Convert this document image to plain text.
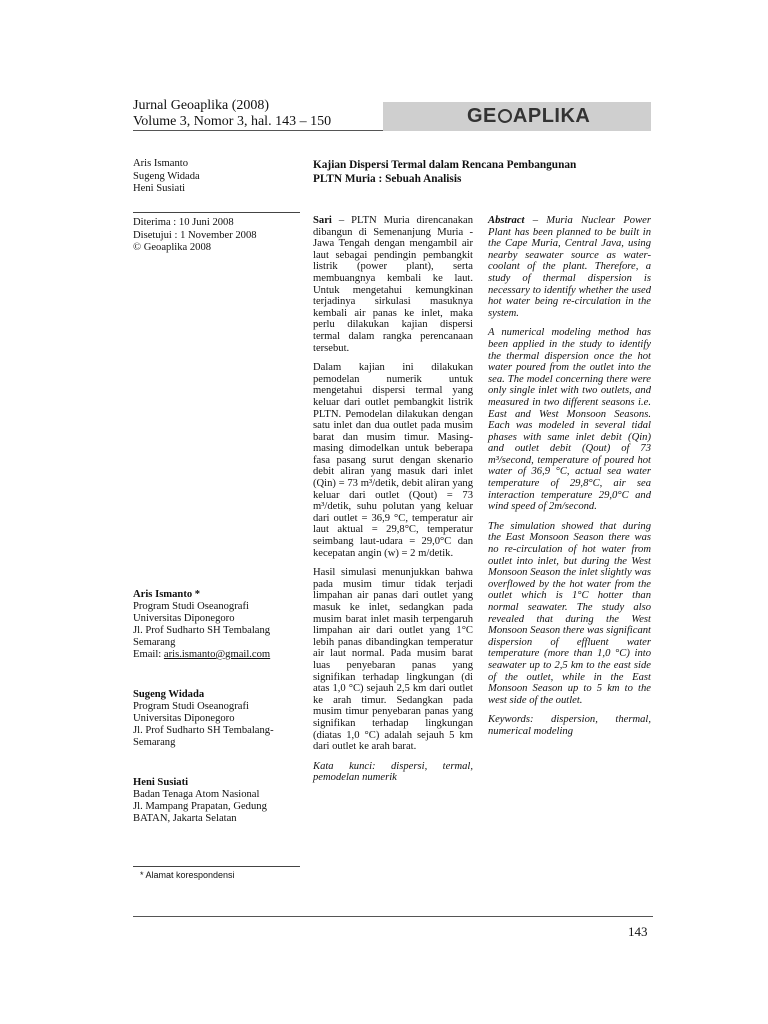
Jurnal Geoaplika (2008)
Volume 3, Nomor 3, hal. 143 – 150	GE APLIKA
Aris Ismanto
Sugeng Widada
Heni Susiati
Kajian Dispersi Termal dalam Rencana Pembangunan
PLTN Muria : Sebuah Analisis
Diterima : 10 Juni 2008
Disetujui : 1 November 2008
© Geoaplika 2008

Sari – PLTN Muria direncanakan dibangun di Semenanjung Muria - Jawa Tengah dengan mengambil air laut sebagai pendingin pembangkit listrik (power plant), serta membuangnya kembali ke laut. Untuk mengetahui kemungkinan terjadinya sirkulasi masuknya kembali air panas ke inlet, maka perlu dilakukan kajian dispersi termal dalam rangka perencanaan tersebut.

Dalam kajian ini dilakukan pemodelan numerik untuk mengetahui dispersi termal yang keluar dari outlet pembangkit listrik PLTN. Pemodelan dilakukan dengan satu inlet dan dua outlet pada musim barat dan musim timur. Masing-masing dimodelkan untuk beberapa fasa pasang surut dengan skenario debit aliran yang masuk dari inlet (Qin) = 73 m³/detik, debit aliran yang keluar dari outlet (Qout) = 73 m³/detik, suhu polutan yang keluar dari outlet = 36,9 °C, temperatur air laut aktual = 29,8°C, temperatur seimbang laut-udara = 29,0°C dan kecepatan angin (w) = 2 m/detik.

Hasil simulasi menunjukkan bahwa pada musim timur tidak terjadi limpahan air panas dari outlet yang masuk ke inlet, sedangkan pada musim barat inlet masih terpengaruh limpahan air dari outlet yang 1°C lebih panas dibandingkan temperatur air laut normal. Pada musim barat luas penyebaran panas yang signifikan terhadap lingkungan (di atas 1,0 °C) sejauh 2,5 km dari outlet ke arah timur. Sedangkan pada musim timur penyebaran panas yang signifikan terhadap lingkungan (diatas 1,0 °C) adalah sejauh 5 km dari outlet ke arah barat.

Kata kunci: dispersi, termal, pemodelan numerik

Abstract – Muria Nuclear Power Plant has been planned to be built in the Cape Muria, Central Java, using nearby seawater source as water-coolant of the plant. Therefore, a study of thermal dispersion is necessary to identify whether the used hot water being re-circulation in the system.

A numerical modeling method has been applied in the study to identify the thermal dispersion once the hot water poured from the outlet into the sea. The model concerning there were only single inlet with two outlets, and measured in two different seasons i.e. East and West Monsoon Seasons. Each was modeled in several tidal phases with same inlet debit (Qin) and outlet debit (Qout) of 73 m³/second, temperature of poured hot water of 36,9 °C, actual sea water temperature of 29,8°C, air sea interaction temperature 29,0°C and wind speed of 2m/second.

The simulation showed that during the East Monsoon Season there was no re-circulation of hot water from outlet into inlet, but during the West Monsoon Season the inlet slightly was overflowed by the hot water from the outlet which is 1°C hotter than normal seawater. The study also revealed that during the West Monsoon Season there was significant dispersion of effluent water temperature (more than 1,0 °C) into seawater up to 2,5 km to the east side of the outlet, while in the East Monsoon Season up to 5 km to the west side of the outlet.

Keywords: dispersion, thermal, numerical modeling

Aris Ismanto *
Program Studi Oseanografi
Universitas Diponegoro
Jl. Prof Sudharto SH Tembalang
Semarang
Email: aris.ismanto@gmail.com
Sugeng Widada
Program Studi Oseanografi
Universitas Diponegoro
Jl. Prof Sudharto SH Tembalang-
Semarang
Heni Susiati
Badan Tenaga Atom Nasional
Jl. Mampang Prapatan, Gedung
BATAN, Jakarta Selatan
* Alamat korespondensi
143
